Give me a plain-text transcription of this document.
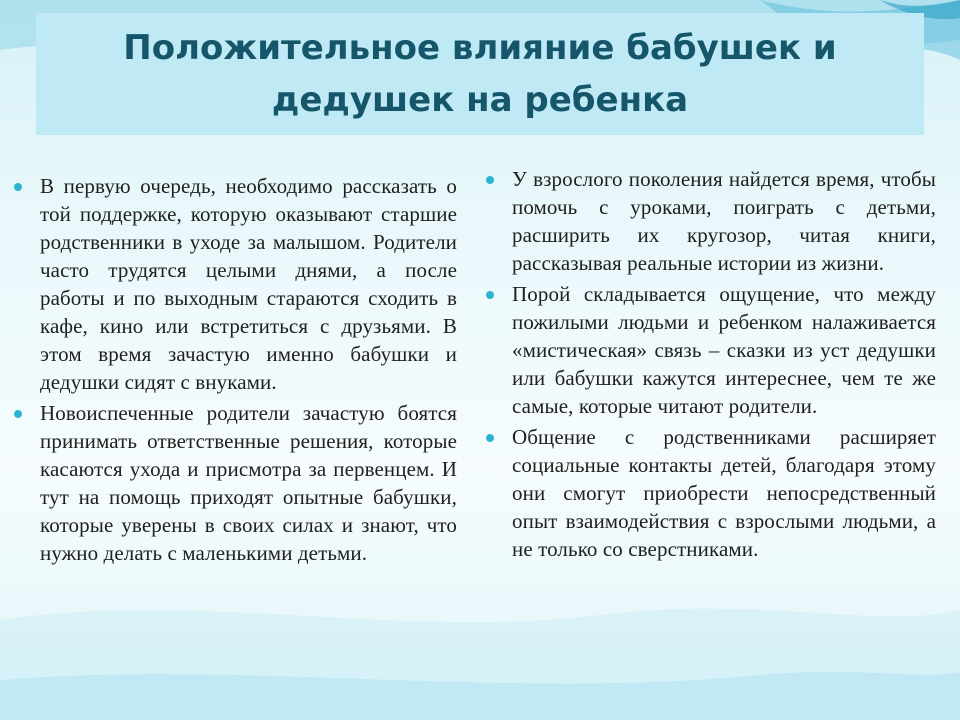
Положительное влияние бабушек и дедушек на ребенка
В первую очередь, необходимо рассказать о той поддержке, которую оказывают старшие родственники в уходе за малышом. Родители часто трудятся целыми днями, а после работы и по выходным стараются сходить в кафе, кино или встретиться с друзьями. В этом время зачастую именно бабушки и дедушки сидят с внуками.
Новоиспеченные родители зачастую боятся принимать ответственные решения, которые касаются ухода и присмотра за первенцем. И тут на помощь приходят опытные бабушки, которые уверены в своих силах и знают, что нужно делать с маленькими детьми.
У взрослого поколения найдется время, чтобы помочь с уроками, поиграть с детьми, расширить их кругозор, читая книги, рассказывая реальные истории из жизни.
Порой складывается ощущение, что между пожилыми людьми и ребенком налаживается «мистическая» связь – сказки из уст дедушки или бабушки кажутся интереснее, чем те же самые, которые читают родители.
Общение с родственниками расширяет социальные контакты детей, благодаря этому они смогут приобрести непосредственный опыт взаимодействия с взрослыми людьми, а не только со сверстниками.
